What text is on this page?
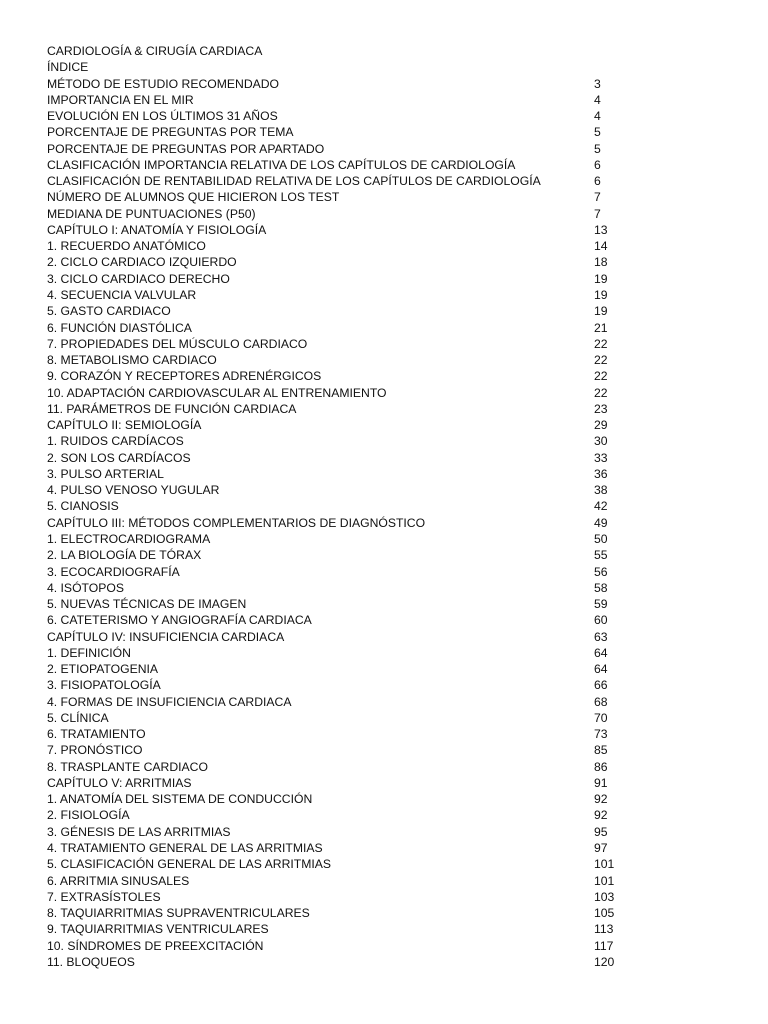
CARDIOLOGÍA & CIRUGÍA CARDIACA
ÍNDICE
MÉTODO DE ESTUDIO RECOMENDADO	3
IMPORTANCIA EN EL MIR	4
EVOLUCIÓN EN LOS ÚLTIMOS 31 AÑOS	4
PORCENTAJE DE PREGUNTAS POR TEMA	5
PORCENTAJE DE PREGUNTAS POR APARTADO	5
CLASIFICACIÓN IMPORTANCIA RELATIVA DE LOS CAPÍTULOS DE CARDIOLOGÍA	6
CLASIFICACIÓN DE RENTABILIDAD RELATIVA DE LOS CAPÍTULOS DE CARDIOLOGÍA	6
NÚMERO DE ALUMNOS QUE HICIERON LOS TEST	7
MEDIANA DE PUNTUACIONES (P50)	7
CAPÍTULO I: ANATOMÍA Y FISIOLOGÍA	13
1. RECUERDO ANATÓMICO	14
2. CICLO CARDIACO IZQUIERDO	18
3. CICLO CARDIACO DERECHO	19
4. SECUENCIA VALVULAR	19
5. GASTO CARDIACO	19
6. FUNCIÓN DIASTÓLICA	21
7. PROPIEDADES DEL MÚSCULO CARDIACO	22
8. METABOLISMO CARDIACO	22
9. CORAZÓN Y RECEPTORES ADRENÉRGICOS	22
10. ADAPTACIÓN CARDIOVASCULAR AL ENTRENAMIENTO	22
11. PARÁMETROS DE FUNCIÓN CARDIACA	23
CAPÍTULO II: SEMIOLOGÍA	29
1. RUIDOS CARDÍACOS	30
2. SON LOS CARDÍACOS	33
3. PULSO ARTERIAL	36
4. PULSO VENOSO YUGULAR	38
5. CIANOSIS	42
CAPÍTULO III: MÉTODOS COMPLEMENTARIOS DE DIAGNÓSTICO	49
1. ELECTROCARDIOGRAMA	50
2. LA BIOLOGÍA DE TÓRAX	55
3. ECOCARDIOGRAFÍA	56
4. ISÓTOPOS	58
5. NUEVAS TÉCNICAS DE IMAGEN	59
6. CATETERISMO Y ANGIOGRAFÍA CARDIACA	60
CAPÍTULO IV: INSUFICIENCIA CARDIACA	63
1. DEFINICIÓN	64
2. ETIOPATOGENIA	64
3. FISIOPATOLOGÍA	66
4. FORMAS DE INSUFICIENCIA CARDIACA	68
5. CLÍNICA	70
6. TRATAMIENTO	73
7. PRONÓSTICO	85
8. TRASPLANTE CARDIACO	86
CAPÍTULO V: ARRITMIAS	91
1. ANATOMÍA DEL SISTEMA DE CONDUCCIÓN	92
2. FISIOLOGÍA	92
3. GÉNESIS DE LAS ARRITMIAS	95
4. TRATAMIENTO GENERAL DE LAS ARRITMIAS	97
5. CLASIFICACIÓN GENERAL DE LAS ARRITMIAS	101
6. ARRITMIA SINUSALES	101
7. EXTRASÍSTOLES	103
8. TAQUIARRITMIAS SUPRAVENTRICULARES	105
9. TAQUIARRITMIAS VENTRICULARES	113
10. SÍNDROMES DE PREEXCITACIÓN	117
11. BLOQUEOS	120
